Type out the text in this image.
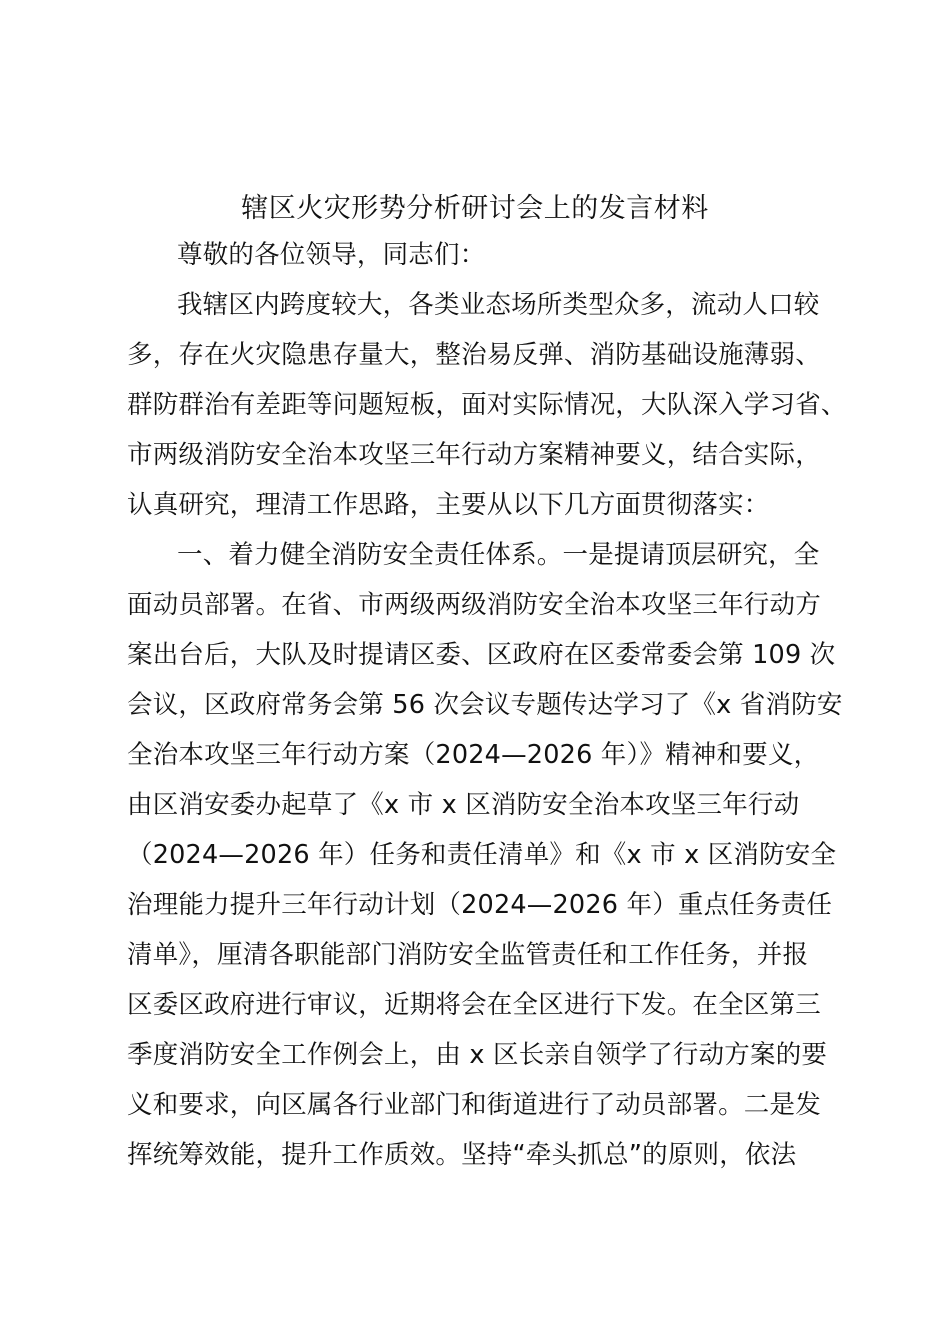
辖区火灾形势分析研讨会上的发言材料
尊敬的各位领导，同志们：
我辖区内跨度较大，各类业态场所类型众多，流动人口较
多，存在火灾隐患存量大，整治易反弹、消防基础设施薄弱、
群防群治有差距等问题短板，面对实际情况，大队深入学习省、
市两级消防安全治本攻坚三年行动方案精神要义，结合实际，
认真研究，理清工作思路，主要从以下几方面贯彻落实：
一、着力健全消防安全责任体系。一是提请顶层研究，全
面动员部署。在省、市两级两级消防安全治本攻坚三年行动方
案出台后，大队及时提请区委、区政府在区委常委会第 109 次
会议，区政府常务会第 56 次会议专题传达学习了《x 省消防安
全治本攻坚三年行动方案（2024—2026 年）》精神和要义，
由区消安委办起草了《x 市 x 区消防安全治本攻坚三年行动
（2024—2026 年）任务和责任清单》和《x 市 x 区消防安全
治理能力提升三年行动计划（2024—2026 年）重点任务责任
清单》，厘清各职能部门消防安全监管责任和工作任务，并报
区委区政府进行审议，近期将会在全区进行下发。在全区第三
季度消防安全工作例会上，由 x 区长亲自领学了行动方案的要
义和要求，向区属各行业部门和街道进行了动员部署。二是发
挥统筹效能，提升工作质效。坚持“牵头抓总”的原则，依法
